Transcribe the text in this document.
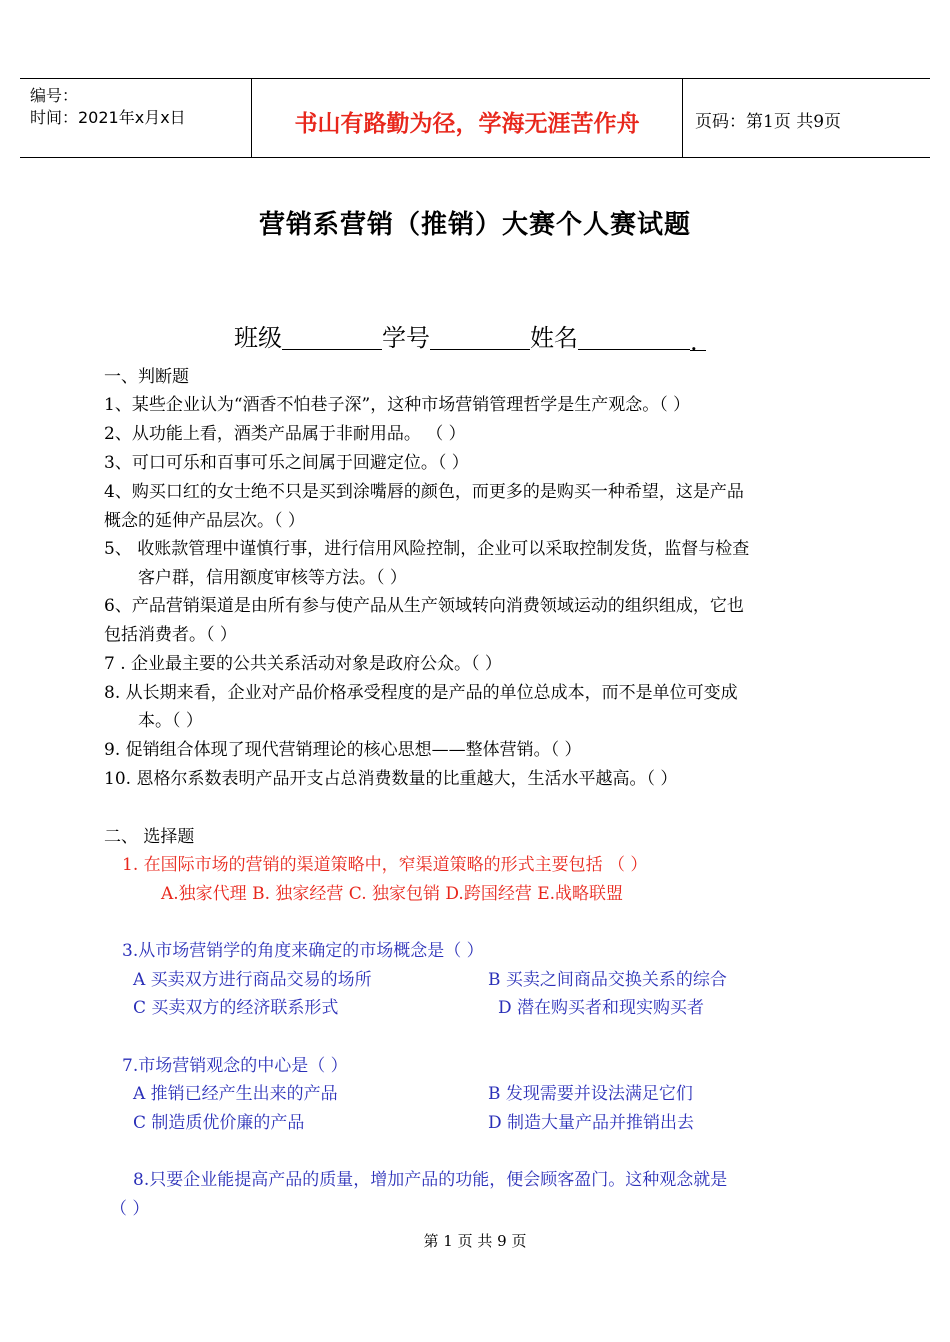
编号：
时间：2021年x月x日	书山有路勤为径，学海无涯苦作舟	页码：第1页 共9页
营销系营销（推销）大赛个人赛试题
班级	学号	姓名	.
一、判断题
1、某些企业认为“酒香不怕巷子深”，这种市场营销管理哲学是生产观念。（ ）
2、从功能上看，酒类产品属于非耐用品。 （ ）
3、可口可乐和百事可乐之间属于回避定位。（ ）
4、购买口红的女士绝不只是买到涂嘴唇的颜色，而更多的是购买一种希望，这是产品
概念的延伸产品层次。（ ）
5、 收账款管理中谨慎行事，进行信用风险控制，企业可以采取控制发货，监督与检查
客户群，信用额度审核等方法。（ ）
6、产品营销渠道是由所有参与使产品从生产领域转向消费领域运动的组织组成，它也
包括消费者。（ ）
7 . 企业最主要的公共关系活动对象是政府公众。（ ）
8. 从长期来看，企业对产品价格承受程度的是产品的单位总成本，而不是单位可变成
本。（ ）
9. 促销组合体现了现代营销理论的核心思想——整体营销。（ ）
10. 恩格尔系数表明产品开支占总消费数量的比重越大，生活水平越高。（ ）
二、 选择题
1. 在国际市场的营销的渠道策略中，窄渠道策略的形式主要包括 （ ）
A.独家代理 B. 独家经营 C. 独家包销 D.跨国经营 E.战略联盟
3.从市场营销学的角度来确定的市场概念是（ ）
A 买卖双方进行商品交易的场所	B 买卖之间商品交换关系的综合
C 买卖双方的经济联系形式	D 潜在购买者和现实购买者
7.市场营销观念的中心是（ ）
A 推销已经产生出来的产品	B 发现需要并设法满足它们
C 制造质优价廉的产品	D 制造大量产品并推销出去
8.只要企业能提高产品的质量，增加产品的功能，便会顾客盈门。这种观念就是
（ ）
第 1 页 共 9 页
